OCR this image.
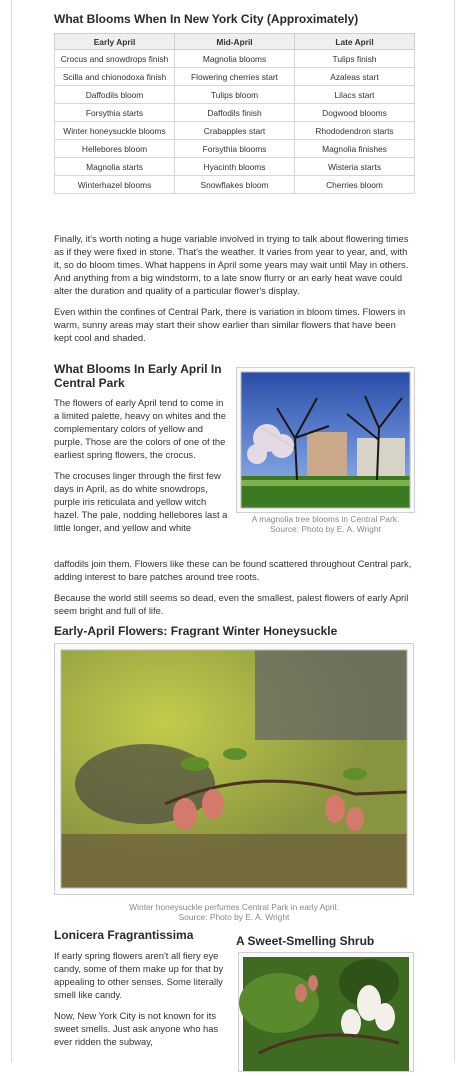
What Blooms When In New York City (Approximately)
Early April	Mid-April	Late April
Crocus and snowdrops finish	Magnolia blooms	Tulips finish
Scilla and chionodoxa finish	Flowering cherries start	Azaleas start
Daffodils bloom	Tulips bloom	Lilacs start
Forsythia starts	Daffodils finish	Dogwood blooms
Winter honeysuckle blooms	Crabapples start	Rhododendron starts
Hellebores bloom	Forsythia blooms	Magnolia finishes
Magnolia starts	Hyacinth blooms	Wisteria starts
Winterhazel blooms	Snowflakes bloom	Cherries bloom

Finally, it's worth noting a huge variable involved in trying to talk about flowering times as if they were fixed in stone. That's the weather. It varies from year to year, and, with it, so do bloom times. What happens in April some years may wait until May in others. And anything from a big windstorm, to a late snow flurry or an early heat wave could alter the duration and quality of a particular flower's display.

Even within the confines of Central Park, there is variation in bloom times. Flowers in warm, sunny areas may start their show earlier than similar flowers that have been kept cool and shaded.

What Blooms In Early April In Central Park

The flowers of early April tend to come in a limited palette, heavy on whites and the complementary colors of yellow and purple. Those are the colors of one of the earliest spring flowers, the crocus.

The crocuses linger through the first few days in April, as do white snowdrops, purple iris reticulata and yellow witch hazel. The pale, nodding hellebores last a little longer, and yellow and white

A magnolia tree blooms in Central Park.
Source: Photo by E. A. Wright

daffodils join them. Flowers like these can be found scattered throughout Central park, adding interest to bare patches around tree roots.

Because the world still seems so dead, even the smallest, palest flowers of early April seem bright and full of life.

Early-April Flowers: Fragrant Winter Honeysuckle
Winter honeysuckle perfumes Central Park in early April.
Source: Photo by E. A. Wright
Lonicera Fragrantissima

If early spring flowers aren't all fiery eye candy, some of them make up for that by appealing to other senses. Some literally smell like candy.

Now, New York City is not known for its sweet smells. Just ask anyone who has ever ridden the subway,

A Sweet-Smelling Shrub
